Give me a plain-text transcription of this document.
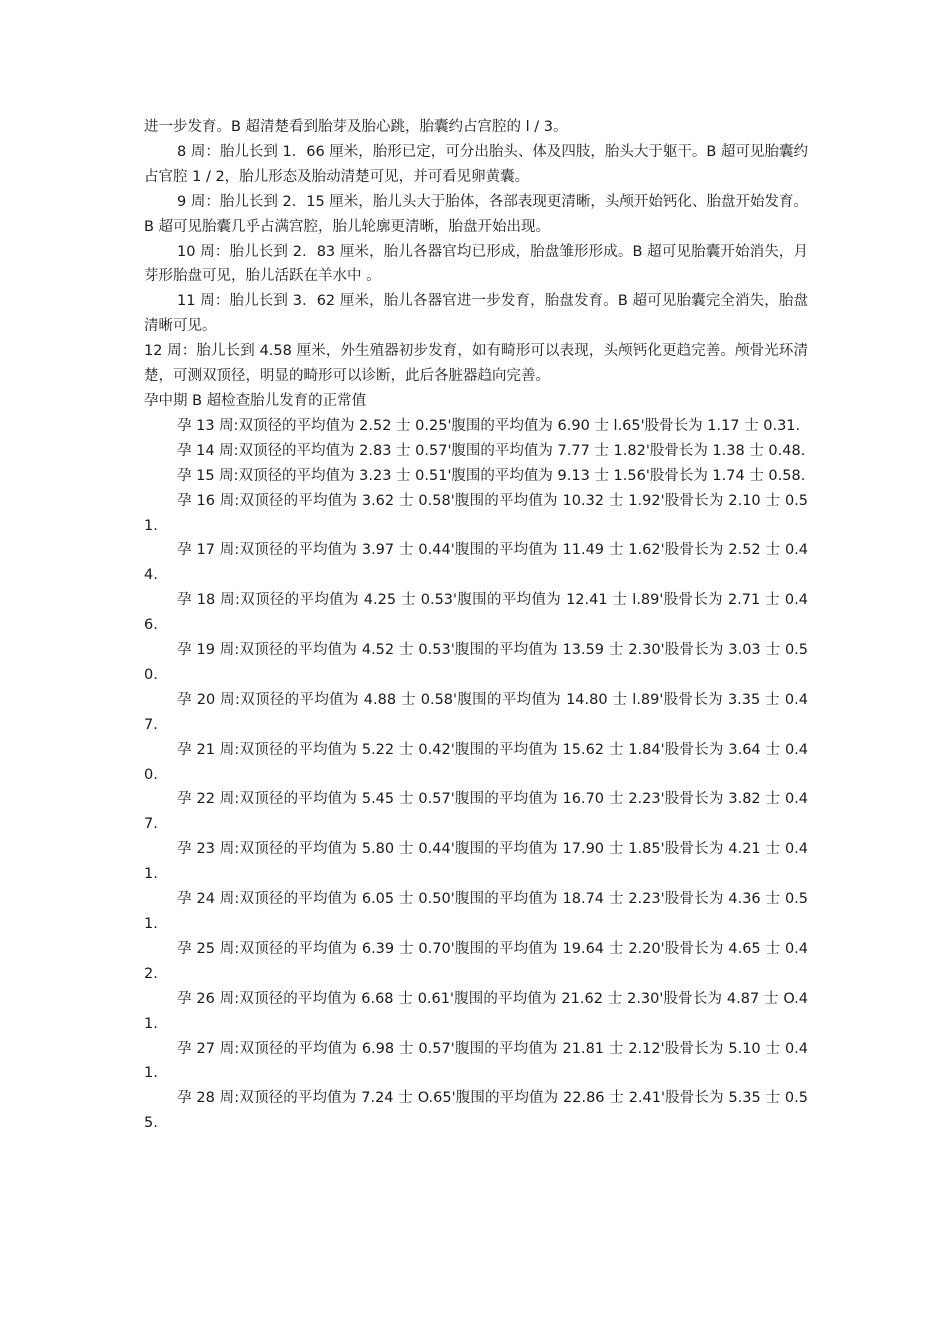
进一步发育。B 超清楚看到胎芽及胎心跳，胎囊约占宫腔的 l / 3。

8 周：胎儿长到 1．66 厘米，胎形已定，可分出胎头、体及四肢，胎头大于躯干。B 超可见胎囊约占官腔 1 / 2，胎儿形态及胎动清楚可见，并可看见卵黄囊。

9 周：胎儿长到 2．15 厘米，胎儿头大于胎体，各部表现更清晰，头颅开始钙化、胎盘开始发育。B 超可见胎囊几乎占满宫腔，胎儿轮廓更清晰，胎盘开始出现。

10 周：胎儿长到 2．83 厘米，胎儿各器官均已形成，胎盘雏形形成。B 超可见胎囊开始消失，月芽形胎盘可见，胎儿活跃在羊水中 。

11 周：胎儿长到 3．62 厘米，胎儿各器官进一步发育，胎盘发育。B 超可见胎囊完全消失，胎盘清晰可见。

12 周：胎儿长到 4.58 厘米，外生殖器初步发育，如有畸形可以表现，头颅钙化更趋完善。颅骨光环清楚，可测双顶径，明显的畸形可以诊断，此后各脏器趋向完善。

孕中期 B 超检查胎儿发育的正常值

孕 13 周:双顶径的平均值为 2.52 士 0.25'腹围的平均值为 6.90 士 l.65'股骨长为 1.17 士 0.31.

孕 14 周:双顶径的平均值为 2.83 士 0.57'腹围的平均值为 7.77 士 1.82'股骨长为 1.38 士 0.48.

孕 15 周:双顶径的平均值为 3.23 士 0.51'腹围的平均值为 9.13 士 1.56'股骨长为 1.74 士 0.58.

孕 16 周:双顶径的平均值为 3.62 士 0.58'腹围的平均值为 10.32 士 1.92'股骨长为 2.10 士 0.51.

孕 17 周:双顶径的平均值为 3.97 士 0.44'腹围的平均值为 11.49 士 1.62'股骨长为 2.52 士 0.44.

孕 18 周:双顶径的平均值为 4.25 士 0.53'腹围的平均值为 12.41 士 l.89'股骨长为 2.71 士 0.46.

孕 19 周:双顶径的平均值为 4.52 士 0.53'腹围的平均值为 13.59 士 2.30'股骨长为 3.03 士 0.50.

孕 20 周:双顶径的平均值为 4.88 士 0.58'腹围的平均值为 14.80 士 l.89'股骨长为 3.35 士 0.47.

孕 21 周:双顶径的平均值为 5.22 士 0.42'腹围的平均值为 15.62 士 1.84'股骨长为 3.64 士 0.40.

孕 22 周:双顶径的平均值为 5.45 士 0.57'腹围的平均值为 16.70 士 2.23'股骨长为 3.82 士 0.47.

孕 23 周:双顶径的平均值为 5.80 士 0.44'腹围的平均值为 17.90 士 1.85'股骨长为 4.21 士 0.41.

孕 24 周:双顶径的平均值为 6.05 士 0.50'腹围的平均值为 18.74 士 2.23'股骨长为 4.36 士 0.51.

孕 25 周:双顶径的平均值为 6.39 士 0.70'腹围的平均值为 19.64 士 2.20'股骨长为 4.65 士 0.42.

孕 26 周:双顶径的平均值为 6.68 士 0.61'腹围的平均值为 21.62 士 2.30'股骨长为 4.87 士 O.41.

孕 27 周:双顶径的平均值为 6.98 士 0.57'腹围的平均值为 21.81 士 2.12'股骨长为 5.10 士 0.41.

孕 28 周:双顶径的平均值为 7.24 士 O.65'腹围的平均值为 22.86 士 2.41'股骨长为 5.35 士 0.55.
